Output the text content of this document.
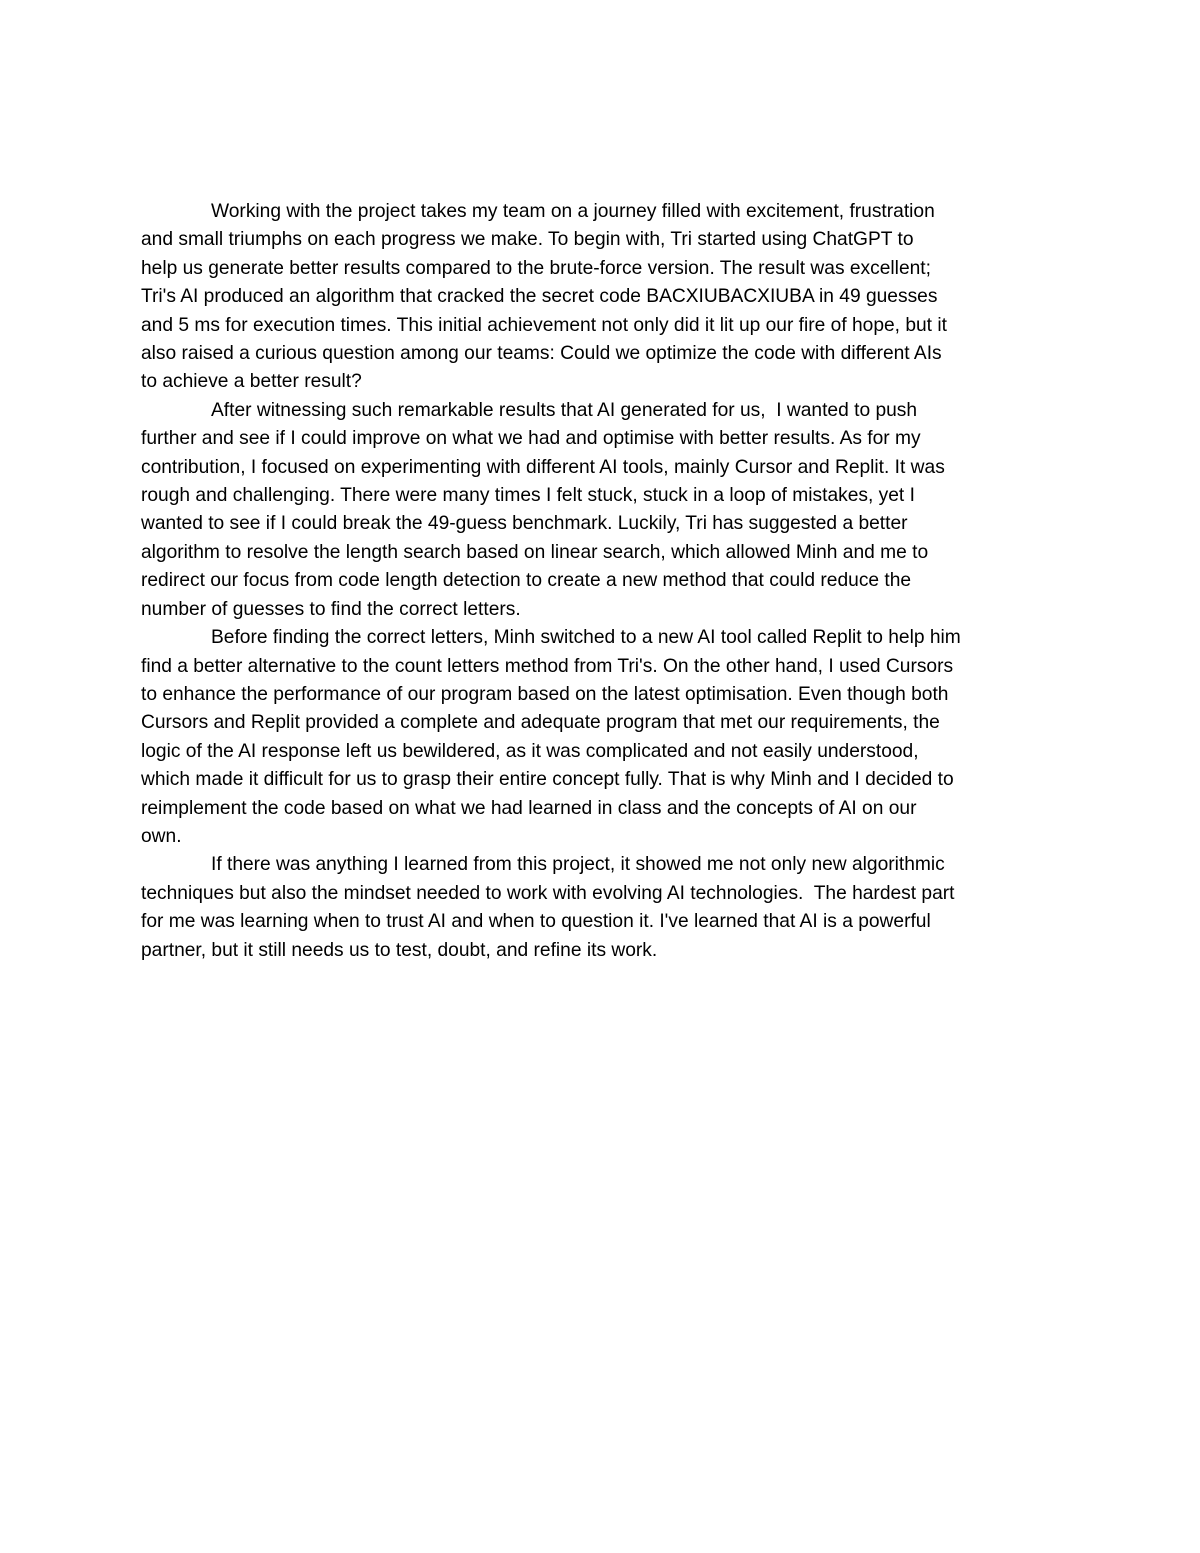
Working with the project takes my team on a journey filled with excitement, frustration
and small triumphs on each progress we make. To begin with, Tri started using ChatGPT to
help us generate better results compared to the brute-force version. The result was excellent;
Tri's AI produced an algorithm that cracked the secret code BACXIUBACXIUBA in 49 guesses
and 5 ms for execution times. This initial achievement not only did it lit up our fire of hope, but it
also raised a curious question among our teams: Could we optimize the code with different AIs
to achieve a better result?

After witnessing such remarkable results that AI generated for us,  I wanted to push
further and see if I could improve on what we had and optimise with better results. As for my
contribution, I focused on experimenting with different AI tools, mainly Cursor and Replit. It was
rough and challenging. There were many times I felt stuck, stuck in a loop of mistakes, yet I
wanted to see if I could break the 49-guess benchmark. Luckily, Tri has suggested a better
algorithm to resolve the length search based on linear search, which allowed Minh and me to
redirect our focus from code length detection to create a new method that could reduce the
number of guesses to find the correct letters.

Before finding the correct letters, Minh switched to a new AI tool called Replit to help him
find a better alternative to the count letters method from Tri's. On the other hand, I used Cursors
to enhance the performance of our program based on the latest optimisation. Even though both
Cursors and Replit provided a complete and adequate program that met our requirements, the
logic of the AI response left us bewildered, as it was complicated and not easily understood,
which made it difficult for us to grasp their entire concept fully. That is why Minh and I decided to
reimplement the code based on what we had learned in class and the concepts of AI on our
own.

If there was anything I learned from this project, it showed me not only new algorithmic
techniques but also the mindset needed to work with evolving AI technologies.  The hardest part
for me was learning when to trust AI and when to question it. I've learned that AI is a powerful
partner, but it still needs us to test, doubt, and refine its work.
